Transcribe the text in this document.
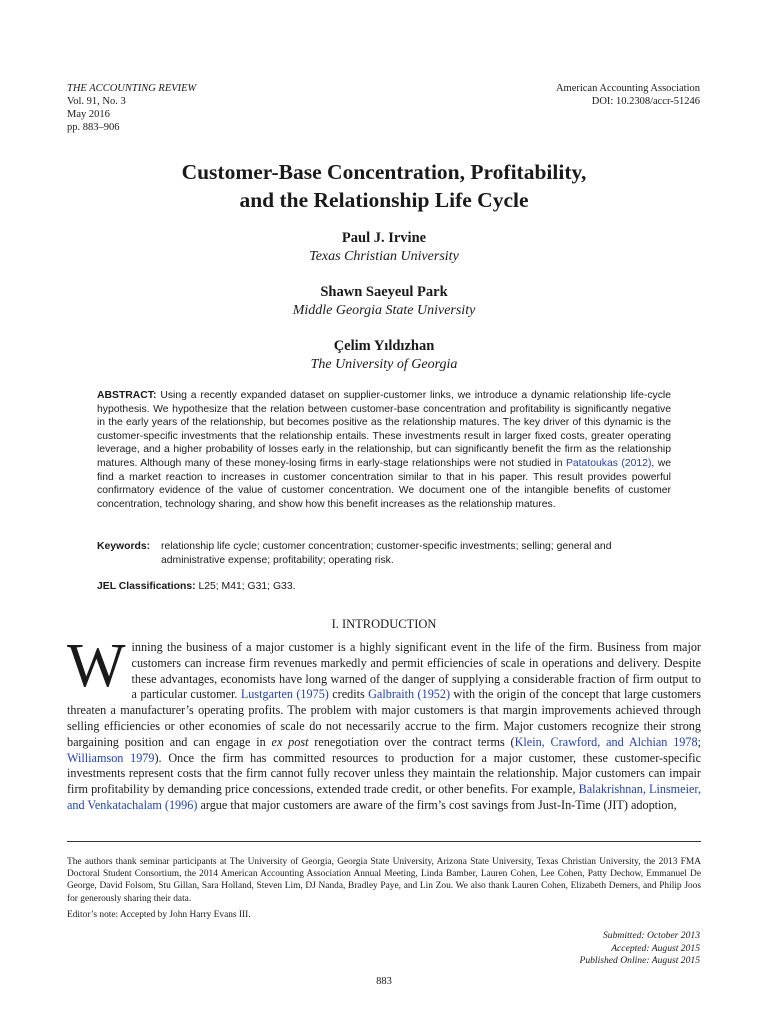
THE ACCOUNTING REVIEW
Vol. 91, No. 3
May 2016
pp. 883–906
American Accounting Association
DOI: 10.2308/accr-51246
Customer-Base Concentration, Profitability,
and the Relationship Life Cycle
Paul J. Irvine
Texas Christian University
Shawn Saeyeul Park
Middle Georgia State University
Çelim Yıldızhan
The University of Georgia
ABSTRACT: Using a recently expanded dataset on supplier-customer links, we introduce a dynamic relationship life-cycle hypothesis. We hypothesize that the relation between customer-base concentration and profitability is significantly negative in the early years of the relationship, but becomes positive as the relationship matures. The key driver of this dynamic is the customer-specific investments that the relationship entails. These investments result in larger fixed costs, greater operating leverage, and a higher probability of losses early in the relationship, but can significantly benefit the firm as the relationship matures. Although many of these money-losing firms in early-stage relationships were not studied in Patatoukas (2012), we find a market reaction to increases in customer concentration similar to that in his paper. This result provides powerful confirmatory evidence of the value of customer concentration. We document one of the intangible benefits of customer concentration, technology sharing, and show how this benefit increases as the relationship matures.
Keywords: relationship life cycle; customer concentration; customer-specific investments; selling; general and administrative expense; profitability; operating risk.
JEL Classifications: L25; M41; G31; G33.
I. INTRODUCTION
Winning the business of a major customer is a highly significant event in the life of the firm. Business from major customers can increase firm revenues markedly and permit efficiencies of scale in operations and delivery. Despite these advantages, economists have long warned of the danger of supplying a considerable fraction of firm output to a particular customer. Lustgarten (1975) credits Galbraith (1952) with the origin of the concept that large customers threaten a manufacturer’s operating profits. The problem with major customers is that margin improvements achieved through selling efficiencies or other economies of scale do not necessarily accrue to the firm. Major customers recognize their strong bargaining position and can engage in ex post renegotiation over the contract terms (Klein, Crawford, and Alchian 1978; Williamson 1979). Once the firm has committed resources to production for a major customer, these customer-specific investments represent costs that the firm cannot fully recover unless they maintain the relationship. Major customers can impair firm profitability by demanding price concessions, extended trade credit, or other benefits. For example, Balakrishnan, Linsmeier, and Venkatachalam (1996) argue that major customers are aware of the firm’s cost savings from Just-In-Time (JIT) adoption,

The authors thank seminar participants at The University of Georgia, Georgia State University, Arizona State University, Texas Christian University, the 2013 FMA Doctoral Student Consortium, the 2014 American Accounting Association Annual Meeting, Linda Bamber, Lauren Cohen, Lee Cohen, Patty Dechow, Emmanuel De George, David Folsom, Stu Gillan, Sara Holland, Steven Lim, DJ Nanda, Bradley Paye, and Lin Zou. We also thank Lauren Cohen, Elizabeth Demers, and Philip Joos for generously sharing their data.

Editor’s note: Accepted by John Harry Evans III.

Submitted: October 2013
Accepted: August 2015
Published Online: August 2015
883
